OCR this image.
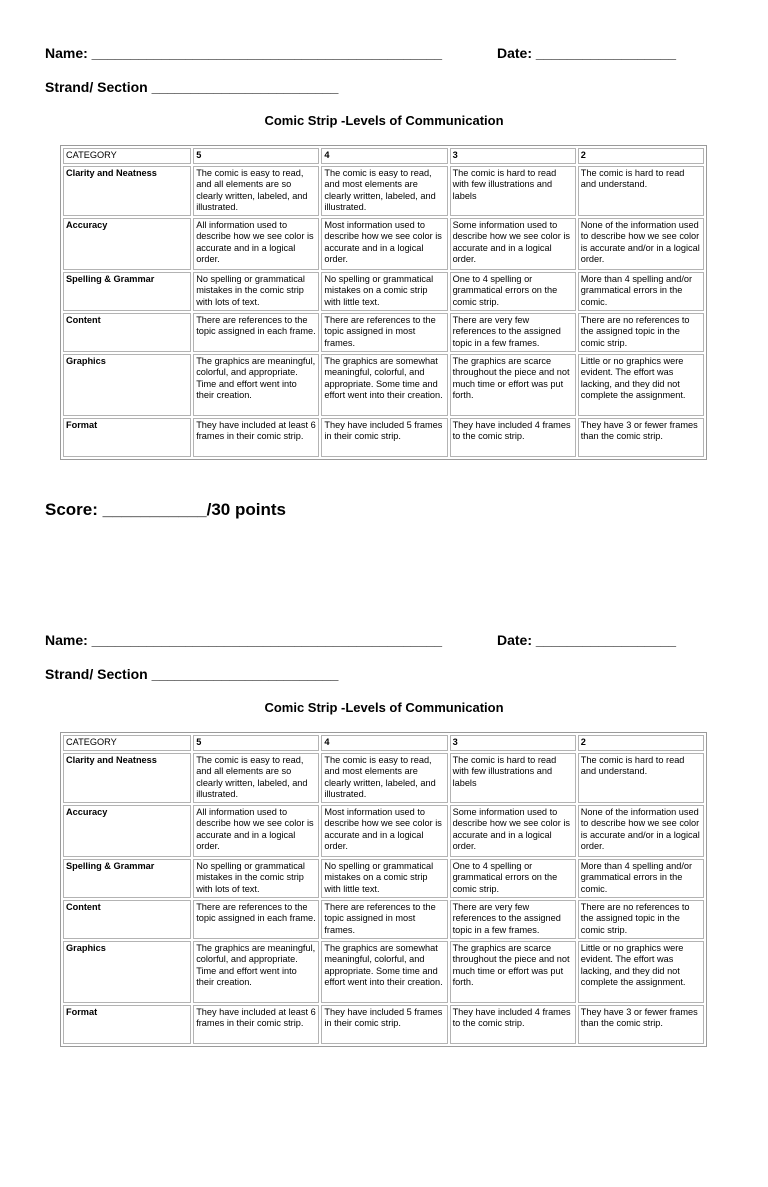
Name: _____________________________________________	Date: __________________
Strand/ Section ________________________
Comic Strip -Levels of Communication
CATEGORY	5	4	3	2
Clarity and Neatness	The comic is easy to read, and all elements are so clearly written, labeled, and illustrated.	The comic is easy to read, and most elements are clearly written, labeled, and illustrated.	The comic is hard to read with few illustrations and labels	The comic is hard to read and understand.
Accuracy	All information used to describe how we see color is accurate and in a logical order.	Most information used to describe how we see color is accurate and in a logical order.	Some information used to describe how we see color is accurate and in a logical order.	None of the information used to describe how we see color is accurate and/or in a logical order.
Spelling & Grammar	No spelling or grammatical mistakes in the comic strip with lots of text.	No spelling or grammatical mistakes on a comic strip with little text.	One to 4 spelling or grammatical errors on the comic strip.	More than 4 spelling and/or grammatical errors in the comic.
Content	There are references to the topic assigned in each frame.	There are references to the topic assigned in most frames.	There are very few references to the assigned topic in a few frames.	There are no references to the assigned topic in the comic strip.
Graphics	The graphics are meaningful, colorful, and appropriate. Time and effort went into their creation.	The graphics are somewhat meaningful, colorful, and appropriate. Some time and effort went into their creation.	The graphics are scarce throughout the piece and not much time or effort was put forth.	Little or no graphics were evident. The effort was lacking, and they did not complete the assignment.
Format	They have included at least 6 frames in their comic strip.	They have included 5 frames in their comic strip.	They have included 4 frames to the comic strip.	They have 3 or fewer frames than the comic strip.
Score: ___________/30 points
Name: _____________________________________________	Date: __________________
Strand/ Section ________________________
Comic Strip -Levels of Communication
CATEGORY	5	4	3	2
Clarity and Neatness	The comic is easy to read, and all elements are so clearly written, labeled, and illustrated.	The comic is easy to read, and most elements are clearly written, labeled, and illustrated.	The comic is hard to read with few illustrations and labels	The comic is hard to read and understand.
Accuracy	All information used to describe how we see color is accurate and in a logical order.	Most information used to describe how we see color is accurate and in a logical order.	Some information used to describe how we see color is accurate and in a logical order.	None of the information used to describe how we see color is accurate and/or in a logical order.
Spelling & Grammar	No spelling or grammatical mistakes in the comic strip with lots of text.	No spelling or grammatical mistakes on a comic strip with little text.	One to 4 spelling or grammatical errors on the comic strip.	More than 4 spelling and/or grammatical errors in the comic.
Content	There are references to the topic assigned in each frame.	There are references to the topic assigned in most frames.	There are very few references to the assigned topic in a few frames.	There are no references to the assigned topic in the comic strip.
Graphics	The graphics are meaningful, colorful, and appropriate. Time and effort went into their creation.	The graphics are somewhat meaningful, colorful, and appropriate. Some time and effort went into their creation.	The graphics are scarce throughout the piece and not much time or effort was put forth.	Little or no graphics were evident. The effort was lacking, and they did not complete the assignment.
Format	They have included at least 6 frames in their comic strip.	They have included 5 frames in their comic strip.	They have included 4 frames to the comic strip.	They have 3 or fewer frames than the comic strip.
